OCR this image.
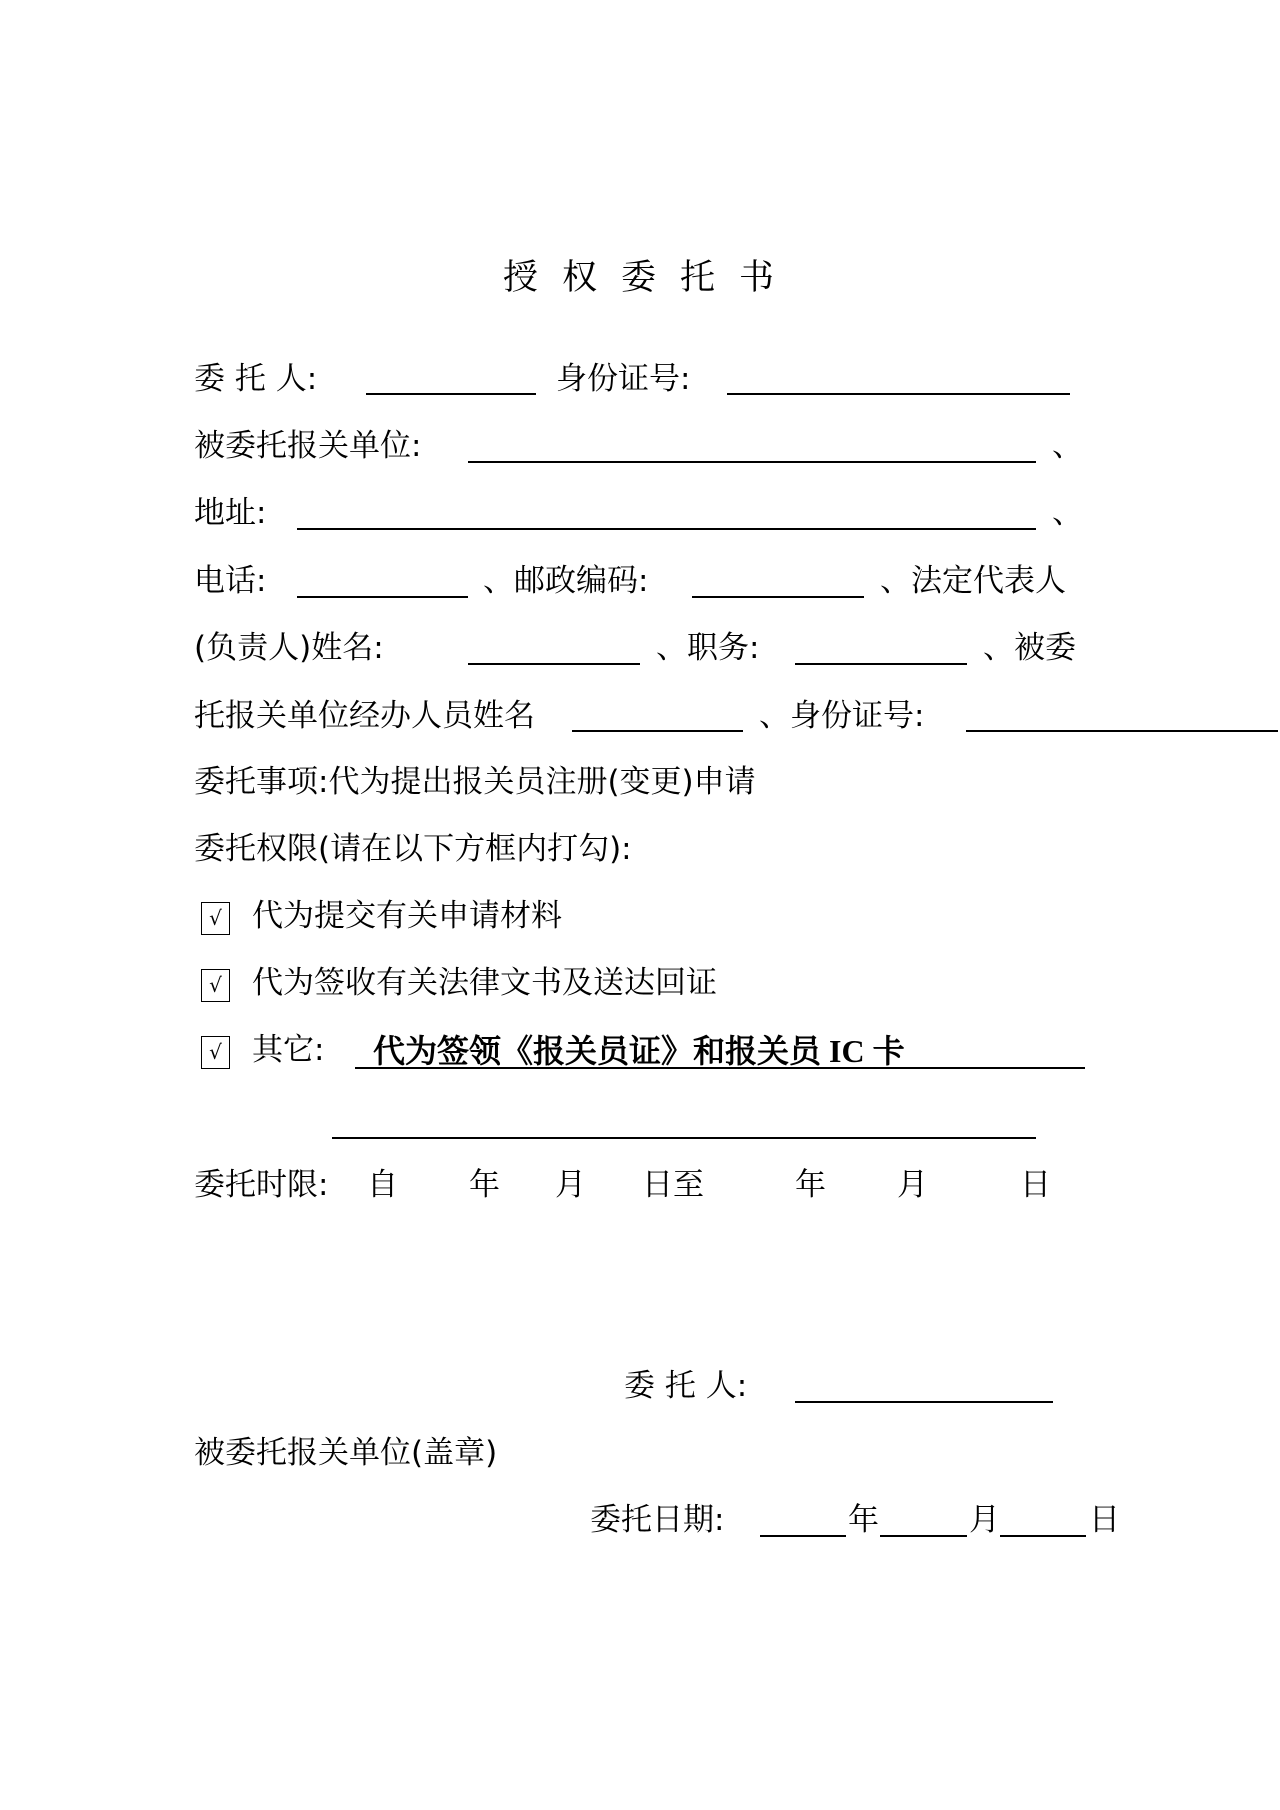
授权委托书
委 托 人:	身份证号:
被委托报关单位:	、
地址:	、
电话:	、邮政编码:	、法定代表人
(负责人)姓名:	、职务:	、被委
托报关单位经办人员姓名	、身份证号:
委托事项:代为提出报关员注册(变更)申请
委托权限(请在以下方框内打勾):
√ 代为提交有关申请材料
√ 代为签收有关法律文书及送达回证
√ 其它: 代为签领《报关员证》和报关员 IC 卡
委托时限: 自 年 月 日至	年 月	日
委 托 人:
被委托报关单位(盖章)
委托日期:	年	月	日
